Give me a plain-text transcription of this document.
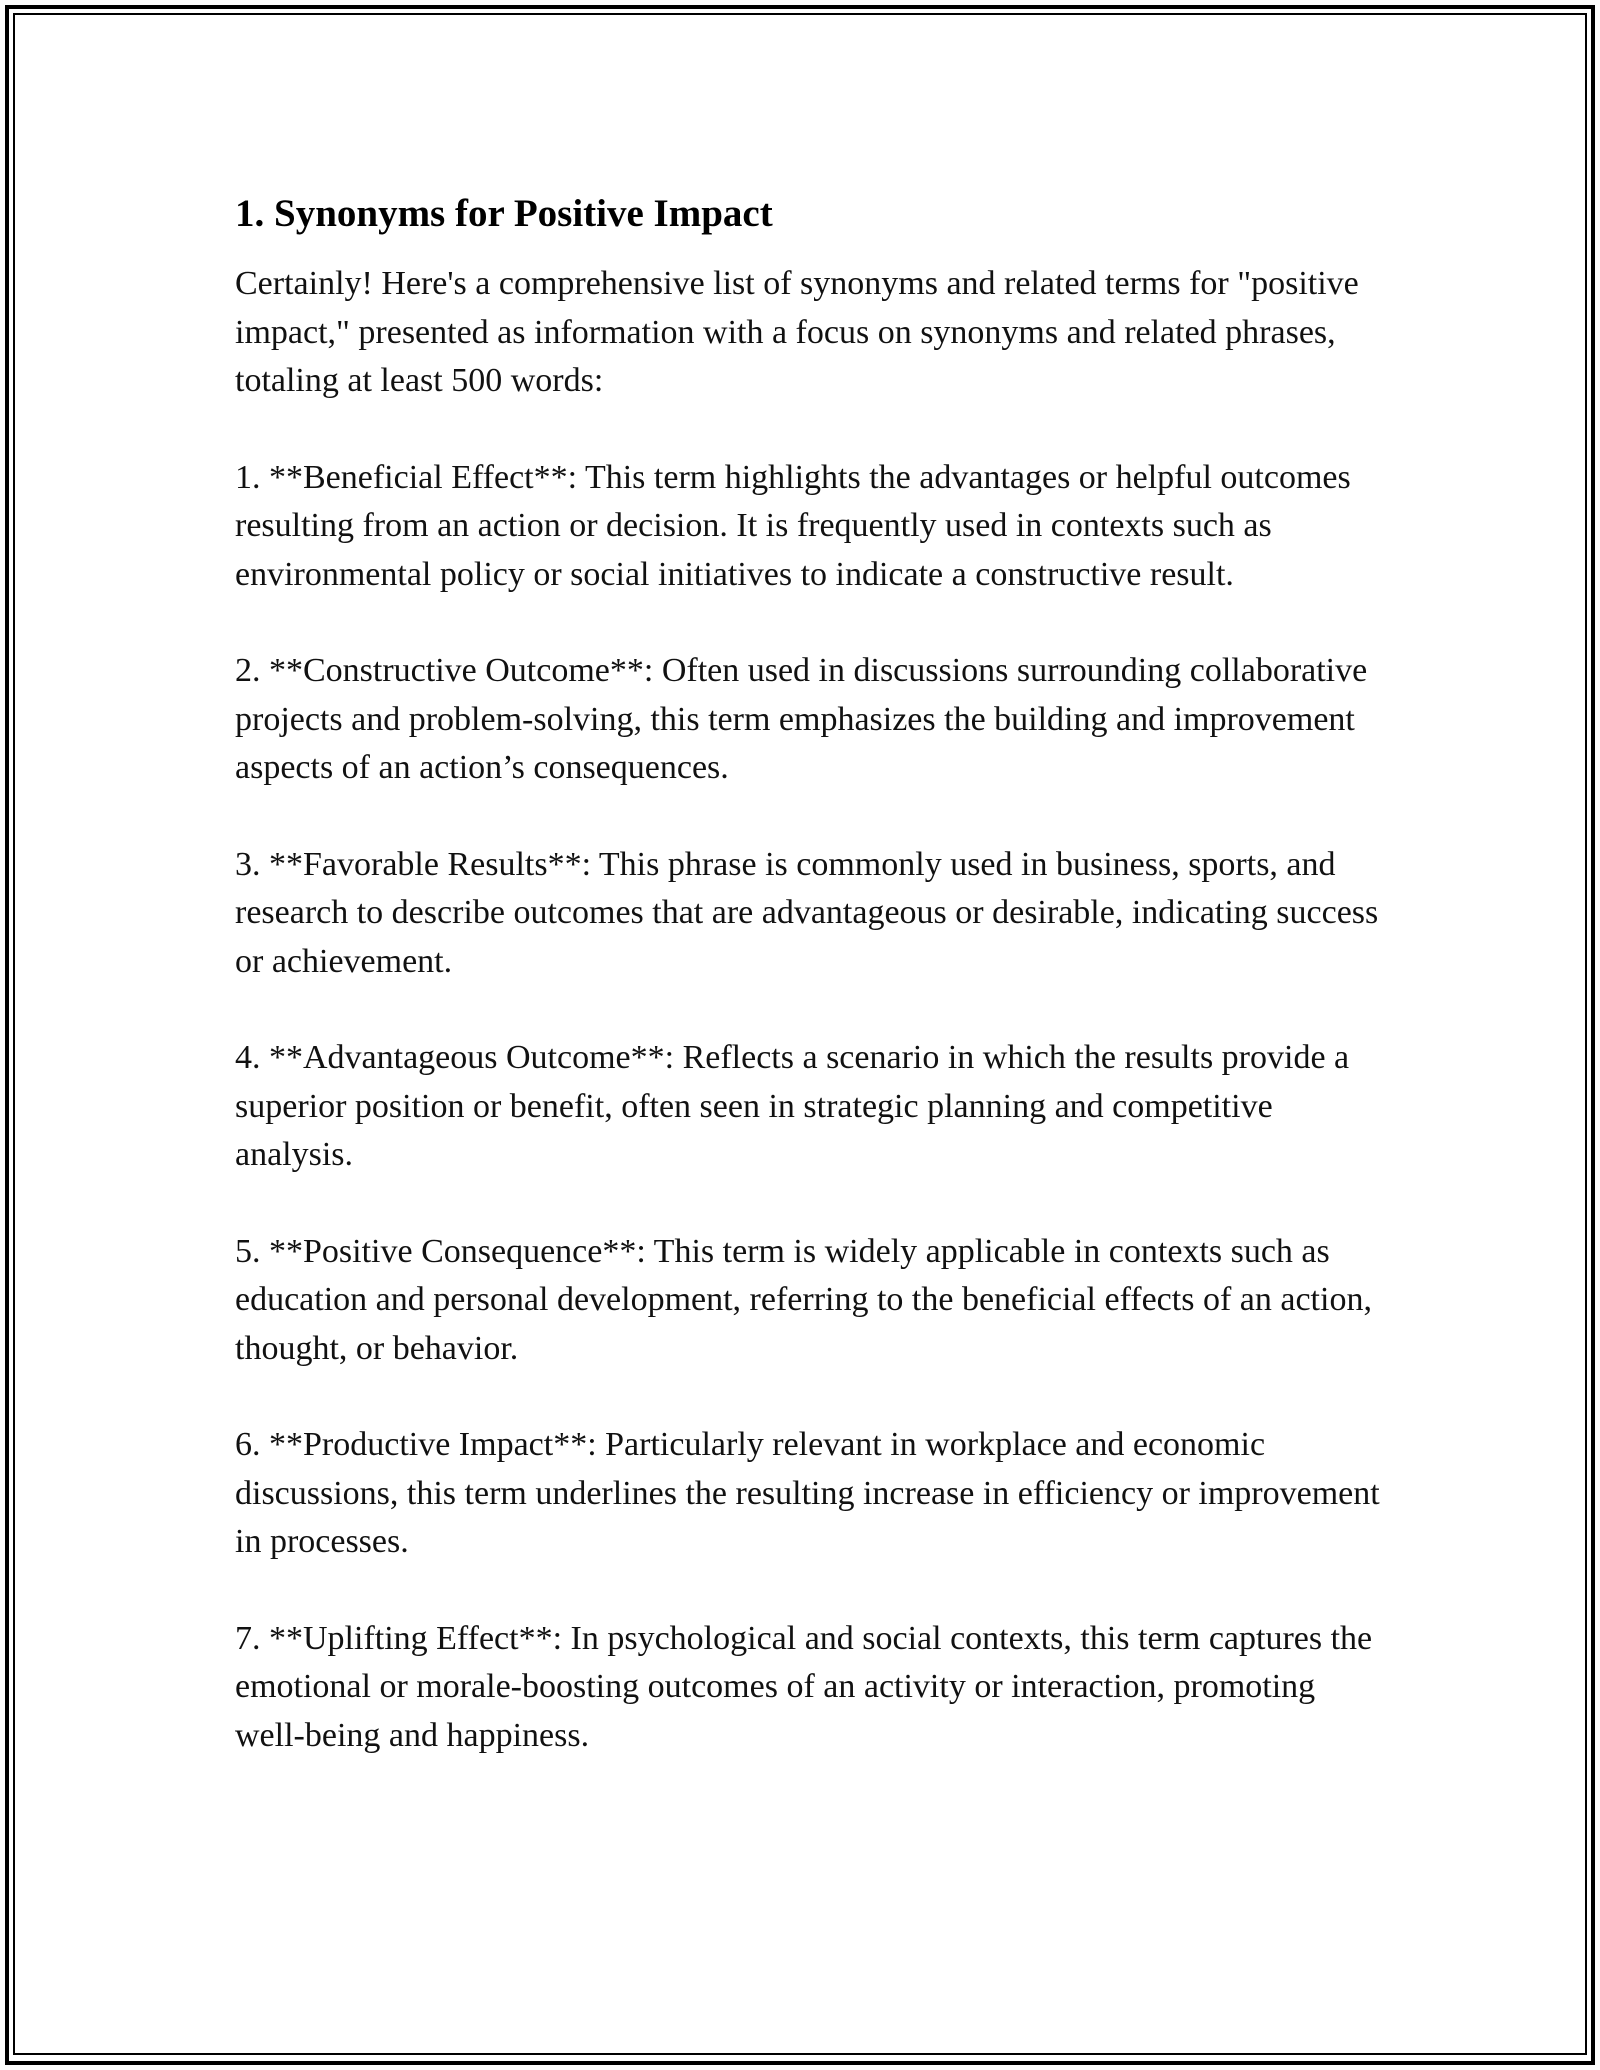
1. Synonyms for Positive Impact

Certainly! Here's a comprehensive list of synonyms and related terms for "positive impact," presented as information with a focus on synonyms and related phrases, totaling at least 500 words:

1. **Beneficial Effect**: This term highlights the advantages or helpful outcomes resulting from an action or decision. It is frequently used in contexts such as environmental policy or social initiatives to indicate a constructive result.

2. **Constructive Outcome**: Often used in discussions surrounding collaborative projects and problem-solving, this term emphasizes the building and improvement aspects of an action’s consequences.

3. **Favorable Results**: This phrase is commonly used in business, sports, and research to describe outcomes that are advantageous or desirable, indicating success or achievement.

4. **Advantageous Outcome**: Reflects a scenario in which the results provide a superior position or benefit, often seen in strategic planning and competitive analysis.

5. **Positive Consequence**: This term is widely applicable in contexts such as education and personal development, referring to the beneficial effects of an action, thought, or behavior.

6. **Productive Impact**: Particularly relevant in workplace and economic discussions, this term underlines the resulting increase in efficiency or improvement in processes.

7. **Uplifting Effect**: In psychological and social contexts, this term captures the emotional or morale-boosting outcomes of an activity or interaction, promoting well-being and happiness.
